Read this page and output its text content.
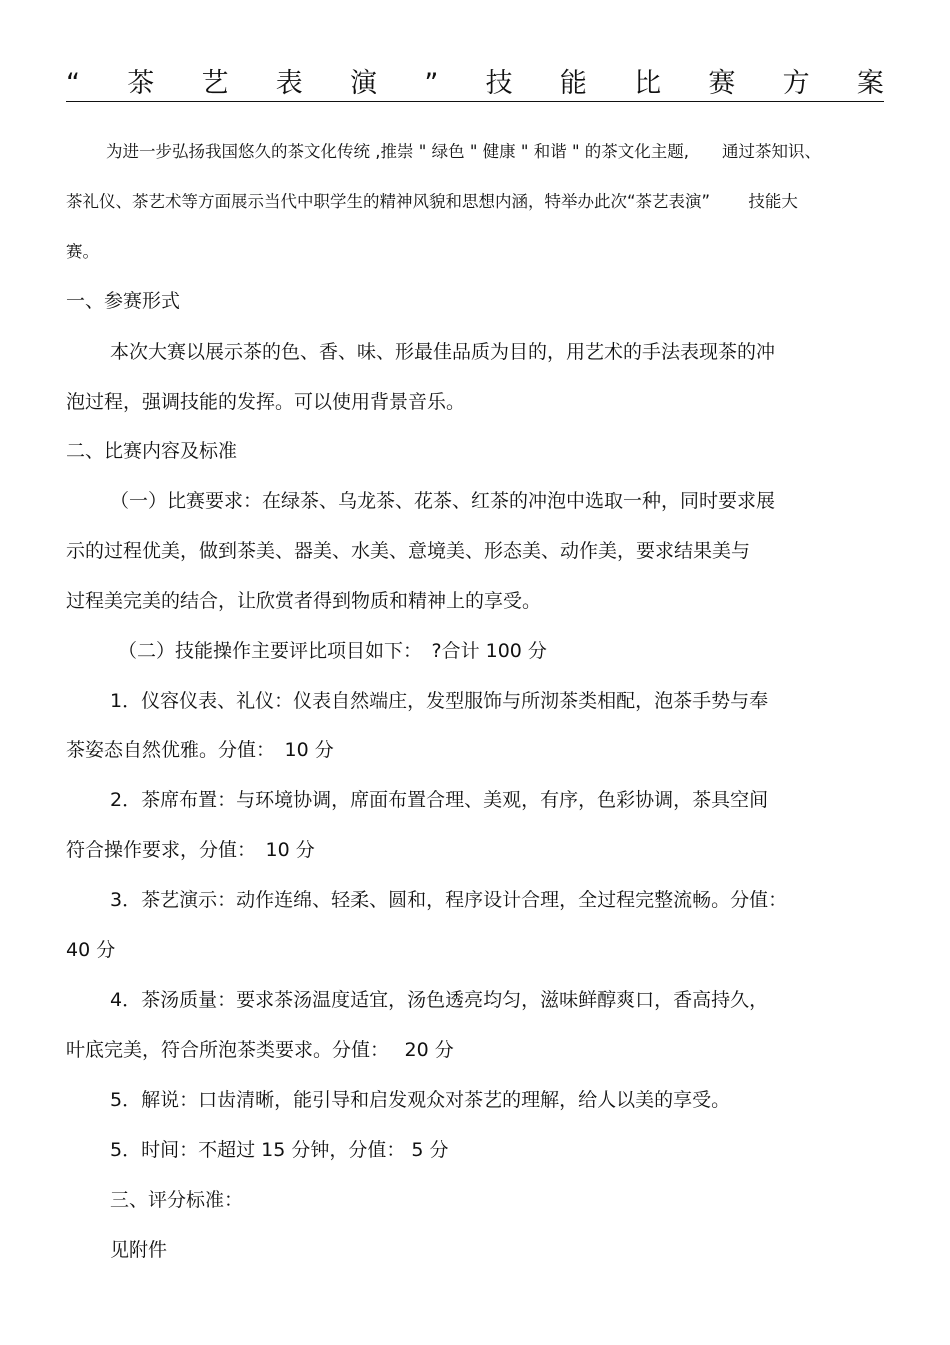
“ 茶 艺 表 演 ” 技 能 比 赛 方 案
为进一步弘扬我国悠久的茶文化传统 ,推崇 " 绿色 " 健康 " 和谐 " 的茶文化主题,　　通过茶知识、
茶礼仪、茶艺术等方面展示当代中职学生的精神风貌和思想内涵，特举办此次“茶艺表演”　　 技能大
赛。
一、参赛形式
本次大赛以展示茶的色、香、味、形最佳品质为目的，用艺术的手法表现茶的冲
泡过程，强调技能的发挥。可以使用背景音乐。
二、比赛内容及标准
（一）比赛要求：在绿茶、乌龙茶、花茶、红茶的冲泡中选取一种，同时要求展
示的过程优美，做到茶美、器美、水美、意境美、形态美、动作美，要求结果美与
过程美完美的结合，让欣赏者得到物质和精神上的享受。
（二）技能操作主要评比项目如下：　?合计 100 分
1．仪容仪表、礼仪：仪表自然端庄，发型服饰与所沏茶类相配，泡茶手势与奉
茶姿态自然优雅。分值：　10 分
2．茶席布置：与环境协调，席面布置合理、美观，有序，色彩协调，茶具空间
符合操作要求，分值：　10 分
3．茶艺演示：动作连绵、轻柔、圆和，程序设计合理，全过程完整流畅。分值：
40 分
4．茶汤质量：要求茶汤温度适宜，汤色透亮均匀，滋味鲜醇爽口，香高持久，
叶底完美，符合所泡茶类要求。分值：　 20 分
5．解说：口齿清晰，能引导和启发观众对茶艺的理解，给人以美的享受。
5．时间：不超过 15 分钟，分值： 5 分
三、评分标准：
见附件
